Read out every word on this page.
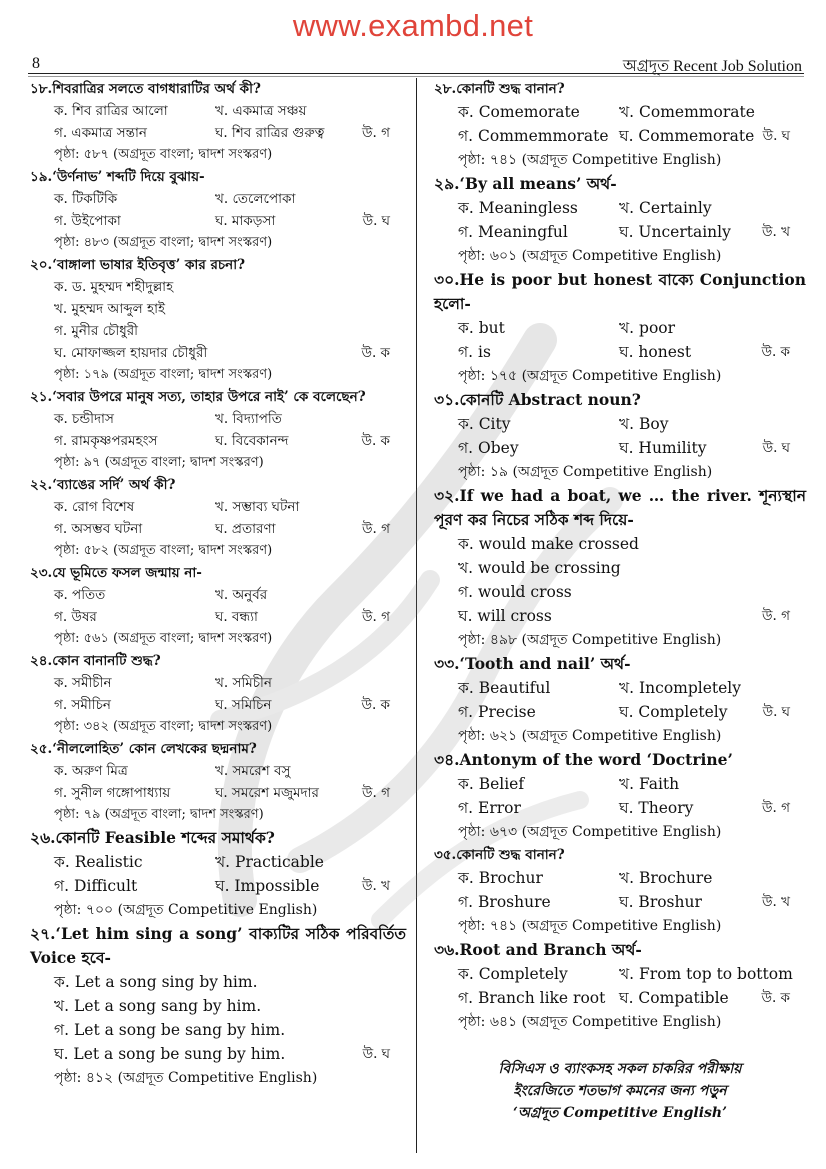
www.exambd.net
8	অগ্রদূত Recent Job Solution
১৮.শিবরাত্রির সলতে বাগধারাটির অর্থ কী?
ক. শিব রাত্রির আলো	খ. একমাত্র সঞ্চয়
গ. একমাত্র সন্তান	ঘ. শিব রাত্রির গুরুত্ব	উ. গ
পৃষ্ঠা: ৫৮৭ (অগ্রদূত বাংলা; দ্বাদশ সংস্করণ)
১৯.‘উর্ণনাভ’ শব্দটি দিয়ে বুঝায়-
ক. টিকটিকি	খ. তেলেপোকা
গ. উইপোকা	ঘ. মাকড়সা	উ. ঘ
পৃষ্ঠা: ৪৮৩ (অগ্রদূত বাংলা; দ্বাদশ সংস্করণ)
২০.‘বাঙ্গালা ভাষার ইতিবৃত্ত’ কার রচনা?
ক. ড. মুহম্মদ শহীদুল্লাহ
খ. মুহম্মদ আব্দুল হাই
গ. মুনীর চৌধুরী
ঘ. মোফাজ্জল হায়দার চৌধুরী	উ. ক
পৃষ্ঠা: ১৭৯ (অগ্রদূত বাংলা; দ্বাদশ সংস্করণ)
২১.‘সবার উপরে মানুষ সত্য, তাহার উপরে নাই’ কে বলেছেন?
ক. চন্ডীদাস	খ. বিদ্যাপতি
গ. রামকৃষ্ণপরমহংস	ঘ. বিবেকানন্দ	উ. ক
পৃষ্ঠা: ৯৭ (অগ্রদূত বাংলা; দ্বাদশ সংস্করণ)
২২.‘ব্যাঙের সর্দি’ অর্থ কী?
ক. রোগ বিশেষ	খ. সম্ভাব্য ঘটনা
গ. অসম্ভব ঘটনা	ঘ. প্রতারণা	উ. গ
পৃষ্ঠা: ৫৮২ (অগ্রদূত বাংলা; দ্বাদশ সংস্করণ)
২৩.যে ভূমিতে ফসল জন্মায় না-
ক. পতিত	খ. অনুর্বর
গ. উষর	ঘ. বন্ধ্যা	উ. গ
পৃষ্ঠা: ৫৬১ (অগ্রদূত বাংলা; দ্বাদশ সংস্করণ)
২৪.কোন বানানটি শুদ্ধ?
ক. সমীচীন	খ. সমিচীন
গ. সমীচিন	ঘ. সমিচিন	উ. ক
পৃষ্ঠা: ৩৪২ (অগ্রদূত বাংলা; দ্বাদশ সংস্করণ)
২৫.‘নীললোহিত’ কোন লেখকের ছদ্মনাম?
ক. অরুণ মিত্র	খ. সমরেশ বসু
গ. সুনীল গঙ্গোপাধ্যায়	ঘ. সমরেশ মজুমদার	উ. গ
পৃষ্ঠা: ৭৯ (অগ্রদূত বাংলা; দ্বাদশ সংস্করণ)
২৬.কোনটি Feasible শব্দের সমার্থক?
ক. Realistic	খ. Practicable
গ. Difficult	ঘ. Impossible	উ. খ
পৃষ্ঠা: ৭০০ (অগ্রদূত Competitive English)
২৭.‘Let him sing a song’ বাক্যটির সঠিক পরিবর্তিত Voice হবে-
ক. Let a song sing by him.
খ. Let a song sang by him.
গ. Let a song be sang by him.
ঘ. Let a song be sung by him.	উ. ঘ
পৃষ্ঠা: ৪১২ (অগ্রদূত Competitive English)
২৮.কোনটি শুদ্ধ বানান?
ক. Comemorate	খ. Comemmorate
গ. Commemmorate ঘ. Commemorate উ. ঘ
পৃষ্ঠা: ৭৪১ (অগ্রদূত Competitive English)
২৯.‘By all means’ অর্থ-
ক. Meaningless	খ. Certainly
গ. Meaningful	ঘ. Uncertainly উ. খ
পৃষ্ঠা: ৬০১ (অগ্রদূত Competitive English)
৩০.He is poor but honest বাক্যে Conjunction হলো-
ক. but	খ. poor
গ. is	ঘ. honest	উ. ক
পৃষ্ঠা: ১৭৫ (অগ্রদূত Competitive English)
৩১.কোনটি Abstract noun?
ক. City	খ. Boy
গ. Obey	ঘ. Humility	উ. ঘ
পৃষ্ঠা: ১৯ (অগ্রদূত Competitive English)
৩২.If we had a boat, we … the river. শূন্যস্থান পূরণ কর নিচের সঠিক শব্দ দিয়ে-
ক. would make crossed
খ. would be crossing
গ. would cross
ঘ. will cross	উ. গ
পৃষ্ঠা: ৪৯৮ (অগ্রদূত Competitive English)
৩৩.‘Tooth and nail’ অর্থ-
ক. Beautiful	খ. Incompletely
গ. Precise	ঘ. Completely	উ. ঘ
পৃষ্ঠা: ৬২১ (অগ্রদূত Competitive English)
৩৪.Antonym of the word ‘Doctrine’
ক. Belief	খ. Faith
গ. Error	ঘ. Theory	উ. গ
পৃষ্ঠা: ৬৭৩ (অগ্রদূত Competitive English)
৩৫.কোনটি শুদ্ধ বানান?
ক. Brochur	খ. Brochure
গ. Broshure	ঘ. Broshur	উ. খ
পৃষ্ঠা: ৭৪১ (অগ্রদূত Competitive English)
৩৬.Root and Branch অর্থ-
ক. Completely	খ. From top to bottom
গ. Branch like root ঘ. Compatible উ. ক
পৃষ্ঠা: ৬৪১ (অগ্রদূত Competitive English)
বিসিএস ও ব্যাংকসহ সকল চাকরির পরীক্ষায়
ইংরেজিতে শতভাগ কমনের জন্য পড়ুন
‘অগ্রদূত Competitive English’
